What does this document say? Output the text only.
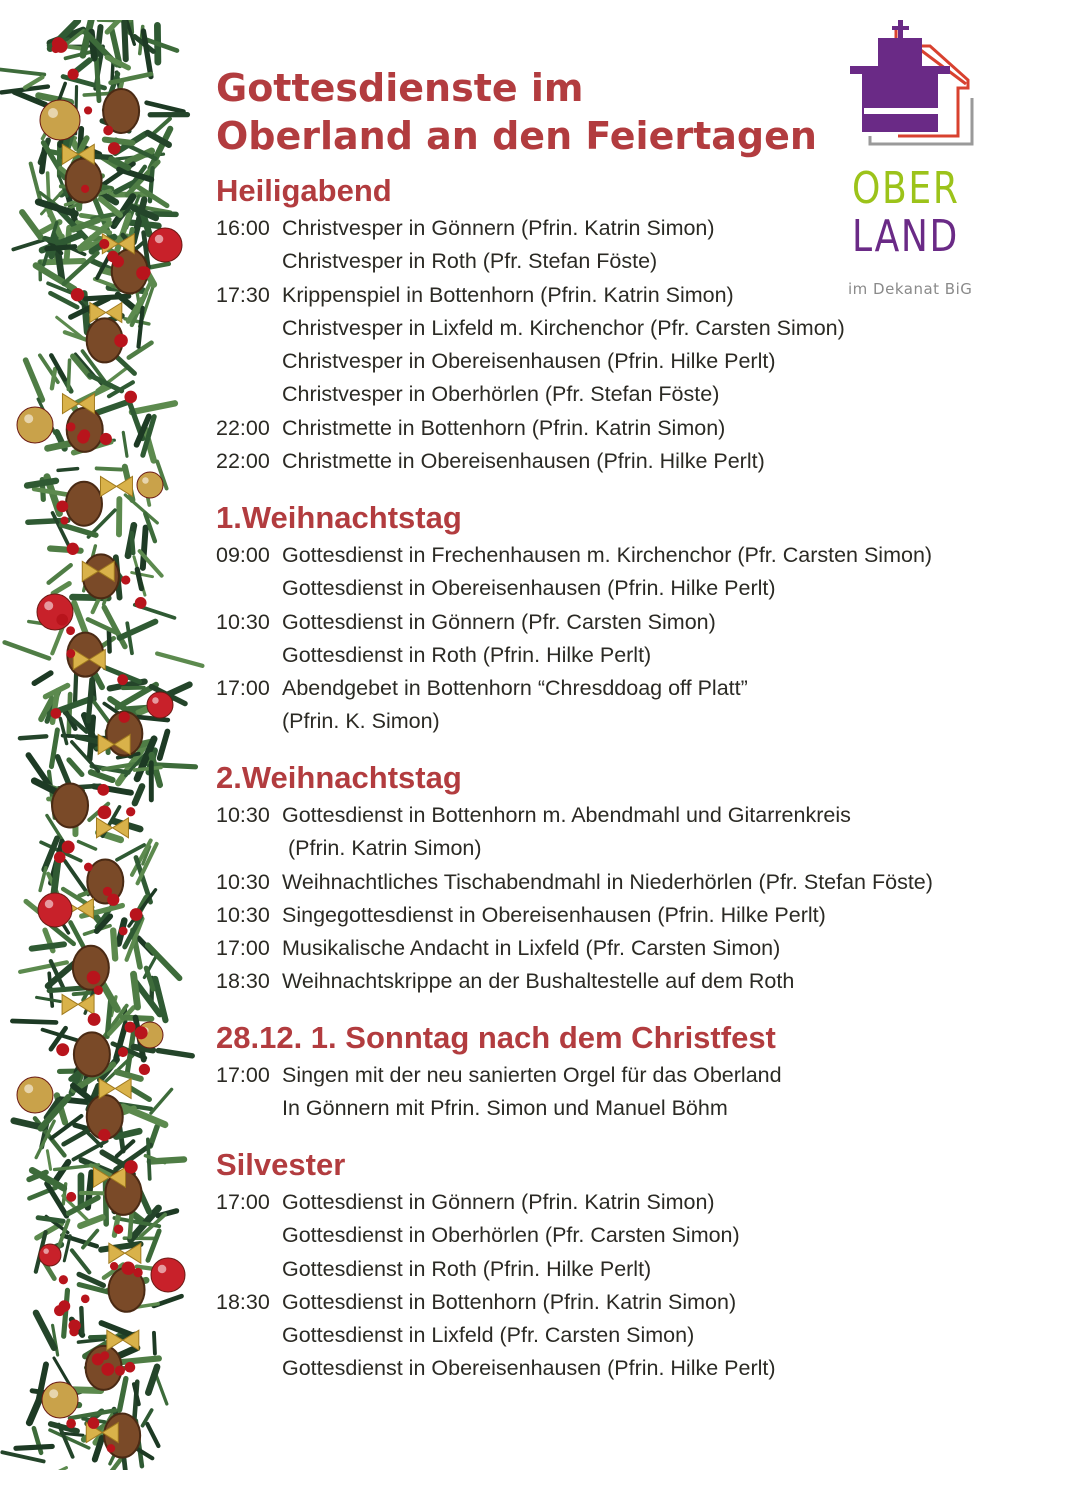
OBER
LAND
im Dekanat BiG
Gottesdienste im
Oberland an den Feiertagen
Heiligabend
16:00 Christvesper in Gönnern (Pfrin. Katrin Simon)
Christvesper in Roth (Pfr. Stefan Föste)
17:30 Krippenspiel in Bottenhorn (Pfrin. Katrin Simon)
Christvesper in Lixfeld m. Kirchenchor (Pfr. Carsten Simon)
Christvesper in Obereisenhausen (Pfrin. Hilke Perlt)
Christvesper in Oberhörlen (Pfr. Stefan Föste)
22:00 Christmette in Bottenhorn (Pfrin. Katrin Simon)
22:00 Christmette in Obereisenhausen (Pfrin. Hilke Perlt)
1.Weihnachtstag
09:00 Gottesdienst in Frechenhausen m. Kirchenchor (Pfr. Carsten Simon)
Gottesdienst in Obereisenhausen (Pfrin. Hilke Perlt)
10:30 Gottesdienst in Gönnern (Pfr. Carsten Simon)
Gottesdienst in Roth (Pfrin. Hilke Perlt)
17:00 Abendgebet in Bottenhorn “Chresddoag off Platt”
(Pfrin. K. Simon)
2.Weihnachtstag
10:30 Gottesdienst in Bottenhorn m. Abendmahl und Gitarrenkreis
(Pfrin. Katrin Simon)
10:30 Weihnachtliches Tischabendmahl in Niederhörlen (Pfr. Stefan Föste)
10:30 Singegottesdienst in Obereisenhausen (Pfrin. Hilke Perlt)
17:00 Musikalische Andacht in Lixfeld (Pfr. Carsten Simon)
18:30 Weihnachtskrippe an der Bushaltestelle auf dem Roth
28.12. 1. Sonntag nach dem Christfest
17:00 Singen mit der neu sanierten Orgel für das Oberland
In Gönnern mit Pfrin. Simon und Manuel Böhm
Silvester
17:00 Gottesdienst in Gönnern (Pfrin. Katrin Simon)
Gottesdienst in Oberhörlen (Pfr. Carsten Simon)
Gottesdienst in Roth (Pfrin. Hilke Perlt)
18:30 Gottesdienst in Bottenhorn (Pfrin. Katrin Simon)
Gottesdienst in Lixfeld (Pfr. Carsten Simon)
Gottesdienst in Obereisenhausen (Pfrin. Hilke Perlt)
